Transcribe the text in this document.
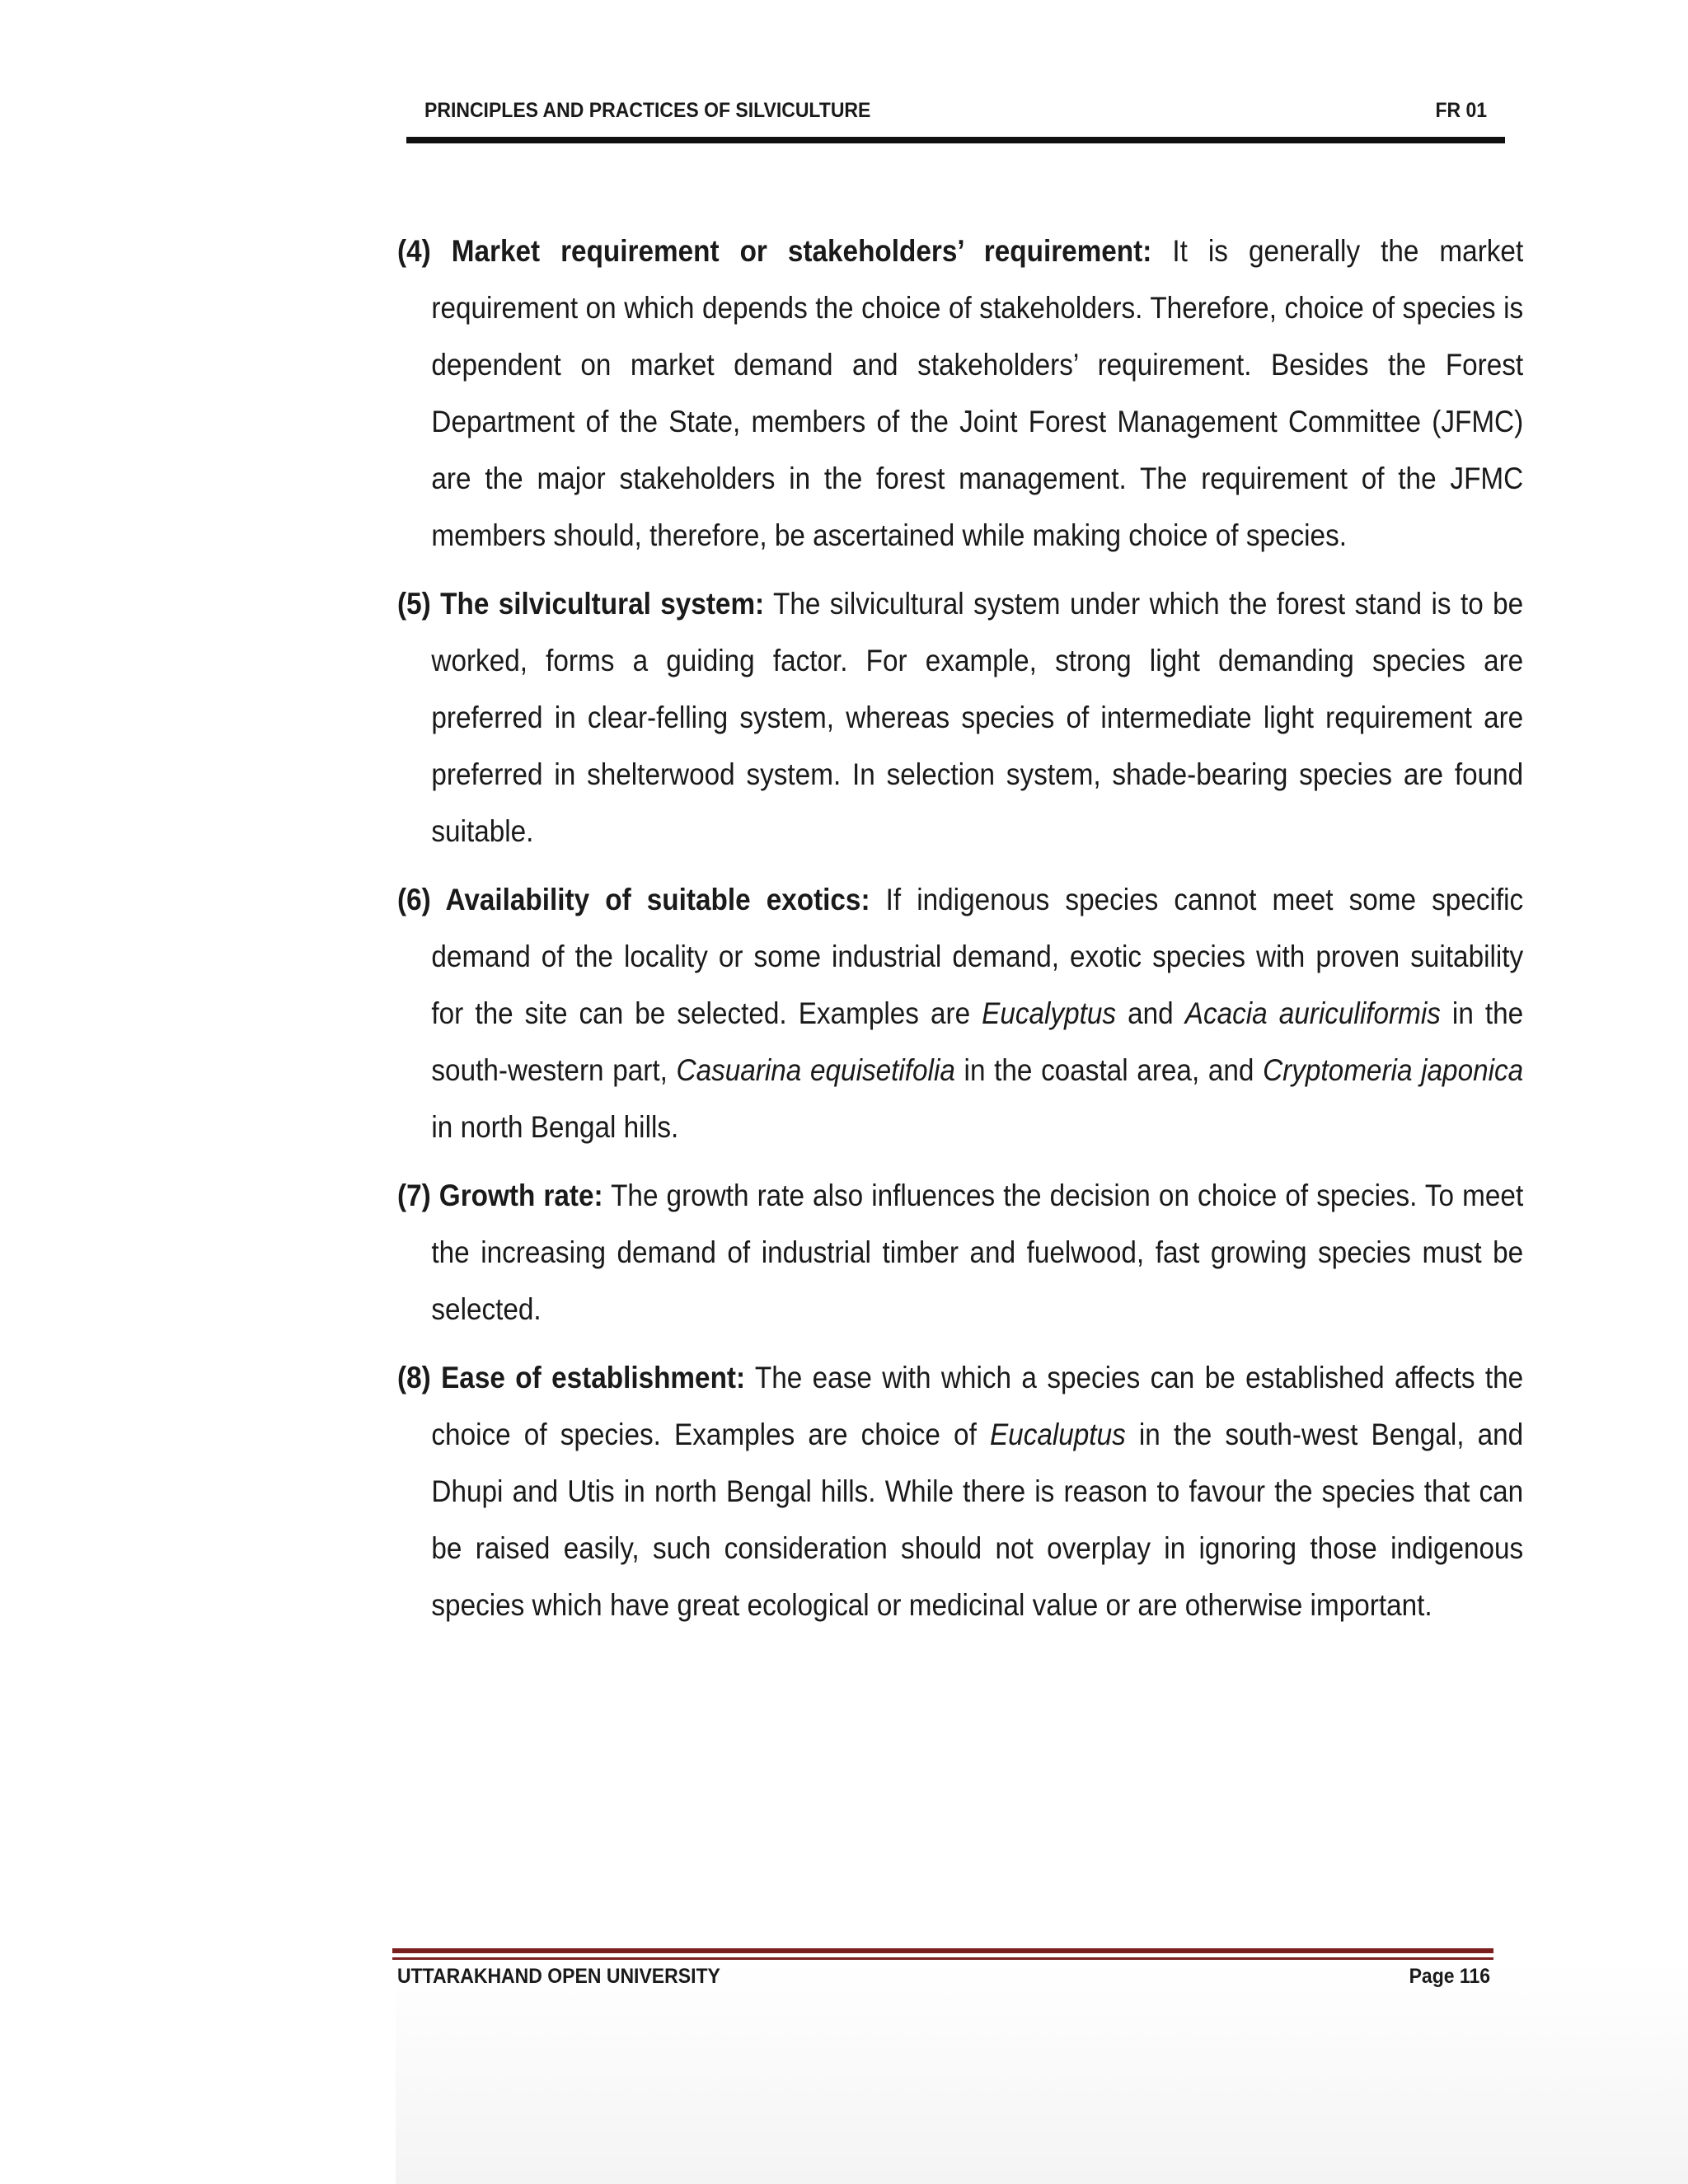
PRINCIPLES AND PRACTICES OF SILVICULTURE	FR 01

(4) Market requirement or stakeholders’ requirement: It is generally the market requirement on which depends the choice of stakeholders. Therefore, choice of species is dependent on market demand and stakeholders’ requirement. Besides the Forest Department of the State, members of the Joint Forest Management Committee (JFMC) are the major stakeholders in the forest management. The requirement of the JFMC members should, therefore, be ascertained while making choice of species.

(5) The silvicultural system: The silvicultural system under which the forest stand is to be worked, forms a guiding factor. For example, strong light demanding species are preferred in clear-felling system, whereas species of intermediate light requirement are preferred in shelterwood system. In selection system, shade-bearing species are found suitable.

(6) Availability of suitable exotics: If indigenous species cannot meet some specific demand of the locality or some industrial demand, exotic species with proven suitability for the site can be selected. Examples are Eucalyptus and Acacia auriculiformis in the south-western part, Casuarina equisetifolia in the coastal area, and Cryptomeria japonica in north Bengal hills.

(7) Growth rate: The growth rate also influences the decision on choice of species. To meet the increasing demand of industrial timber and fuelwood, fast growing species must be selected.

(8) Ease of establishment: The ease with which a species can be established affects the choice of species. Examples are choice of Eucaluptus in the south-west Bengal, and Dhupi and Utis in north Bengal hills. While there is reason to favour the species that can be raised easily, such consideration should not overplay in ignoring those indigenous species which have great ecological or medicinal value or are otherwise important.

UTTARAKHAND OPEN UNIVERSITY	Page 116
